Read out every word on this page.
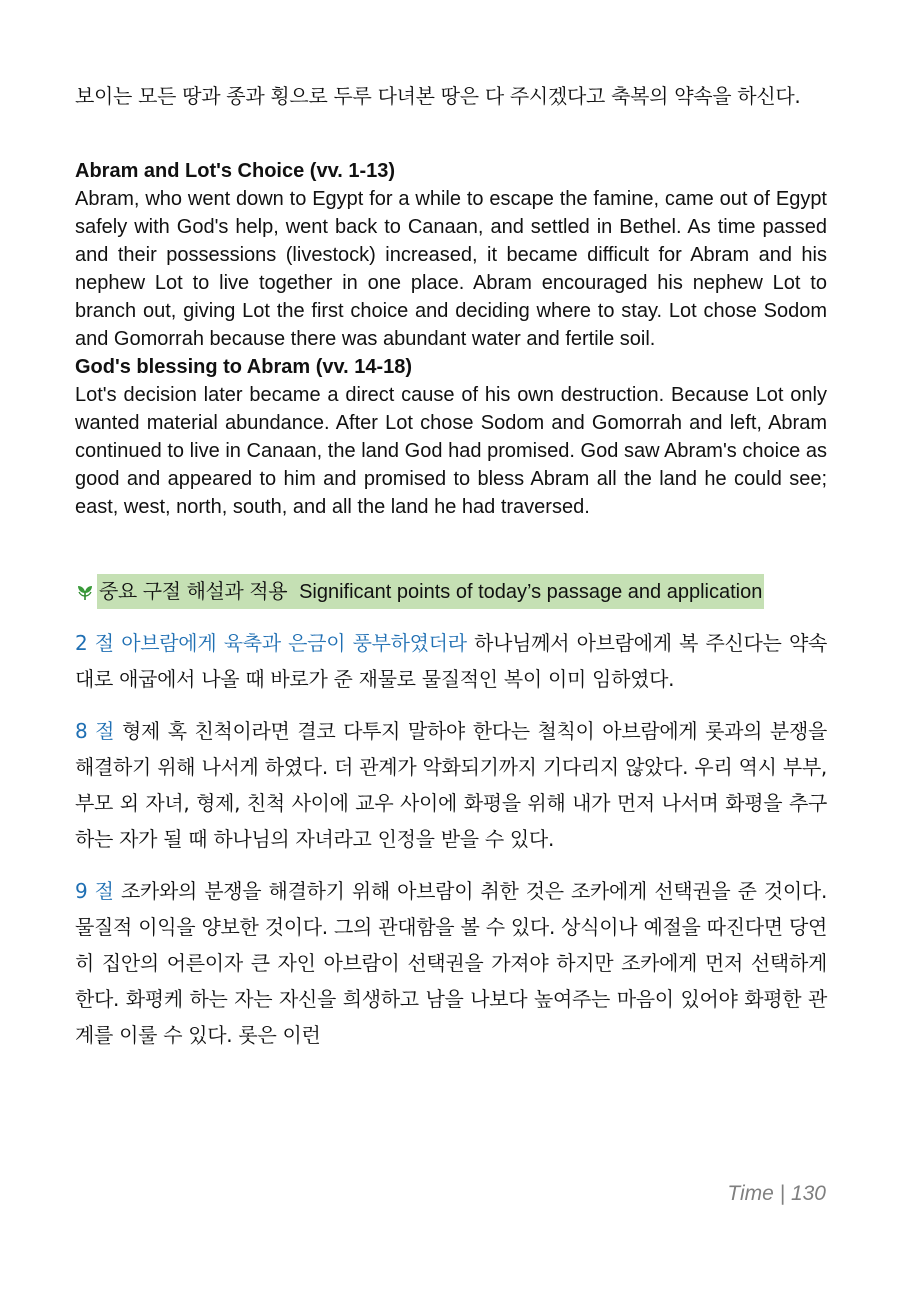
보이는 모든 땅과 종과 횡으로 두루 다녀본 땅은 다 주시겠다고 축복의 약속을 하신다.

Abram and Lot's Choice (vv. 1-13)

Abram, who went down to Egypt for a while to escape the famine, came out of Egypt safely with God's help, went back to Canaan, and settled in Bethel. As time passed and their possessions (livestock) increased, it became difficult for Abram and his nephew Lot to live together in one place. Abram encouraged his nephew Lot to branch out, giving Lot the first choice and deciding where to stay. Lot chose Sodom and Gomorrah because there was abundant water and fertile soil.

God's blessing to Abram (vv. 14-18)

Lot's decision later became a direct cause of his own destruction. Because Lot only wanted material abundance. After Lot chose Sodom and Gomorrah and left, Abram continued to live in Canaan, the land God had promised. God saw Abram's choice as good and appeared to him and promised to bless Abram all the land he could see; east, west, north, south, and all the land he had traversed.

중요 구절 해설과 적용 Significant points of today’s passage and application

2 절 아브람에게 육축과 은금이 풍부하였더라 하나님께서 아브람에게 복 주신다는 약속대로 애굽에서 나올 때 바로가 준 재물로 물질적인 복이 이미 임하였다.

8 절 형제 혹 친척이라면 결코 다투지 말하야 한다는 철칙이 아브람에게 롯과의 분쟁을 해결하기 위해 나서게 하였다. 더 관계가 악화되기까지 기다리지 않았다. 우리 역시 부부, 부모 외 자녀, 형제, 친척 사이에 교우 사이에 화평을 위해 내가 먼저 나서며 화평을 추구하는 자가 될 때 하나님의 자녀라고 인정을 받을 수 있다.

9 절 조카와의 분쟁을 해결하기 위해 아브람이 취한 것은 조카에게 선택권을 준 것이다. 물질적 이익을 양보한 것이다. 그의 관대함을 볼 수 있다. 상식이나 예절을 따진다면 당연히 집안의 어른이자 큰 자인 아브람이 선택권을 가져야 하지만 조카에게 먼저 선택하게 한다. 화평케 하는 자는 자신을 희생하고 남을 나보다 높여주는 마음이 있어야 화평한 관계를 이룰 수 있다. 롯은 이런

Time | 130
